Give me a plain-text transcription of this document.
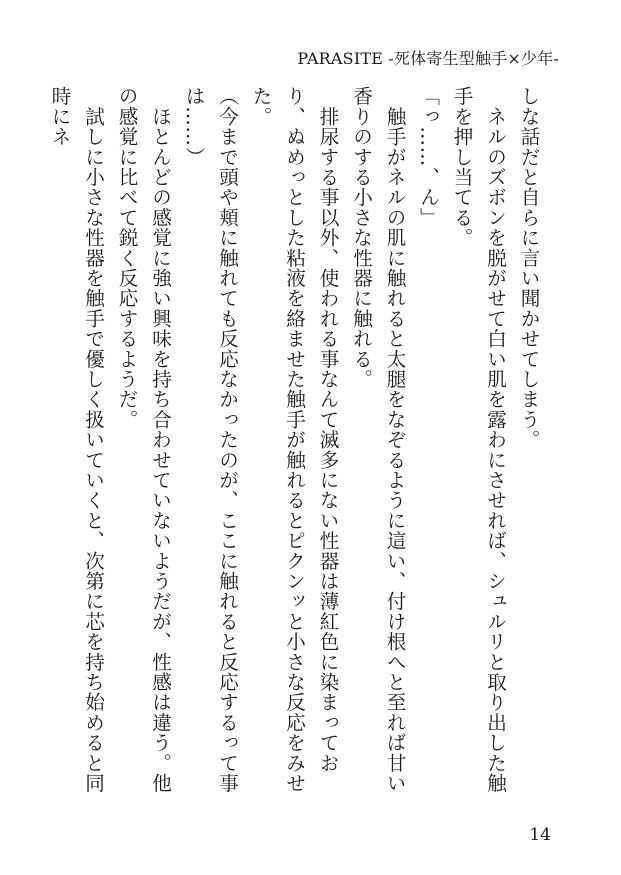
PARASITE -死体寄生型触手×少年-

しな話だと自らに言い聞かせてしまう。

　ネルのズボンを脱がせて白い肌を露わにさせれば、シュルリと取り出した触手を押し当てる。

「っ……、ん」

　触手がネルの肌に触れると太腿をなぞるように這い、付け根へと至れば甘い香りのする小さな性器に触れる。

　排尿する事以外、使われる事なんて滅多にない性器は薄紅色に染まっており、ぬめっとした粘液を絡ませた触手が触れるとピクンッと小さな反応をみせた。

（今まで頭や頬に触れても反応なかったのが、ここに触れると反応するって事は……）

　ほとんどの感覚に強い興味を持ち合わせていないようだが、性感は違う。他の感覚に比べて鋭く反応するようだ。

　試しに小さな性器を触手で優しく扱いていくと、次第に芯を持ち始めると同時にネ

14
